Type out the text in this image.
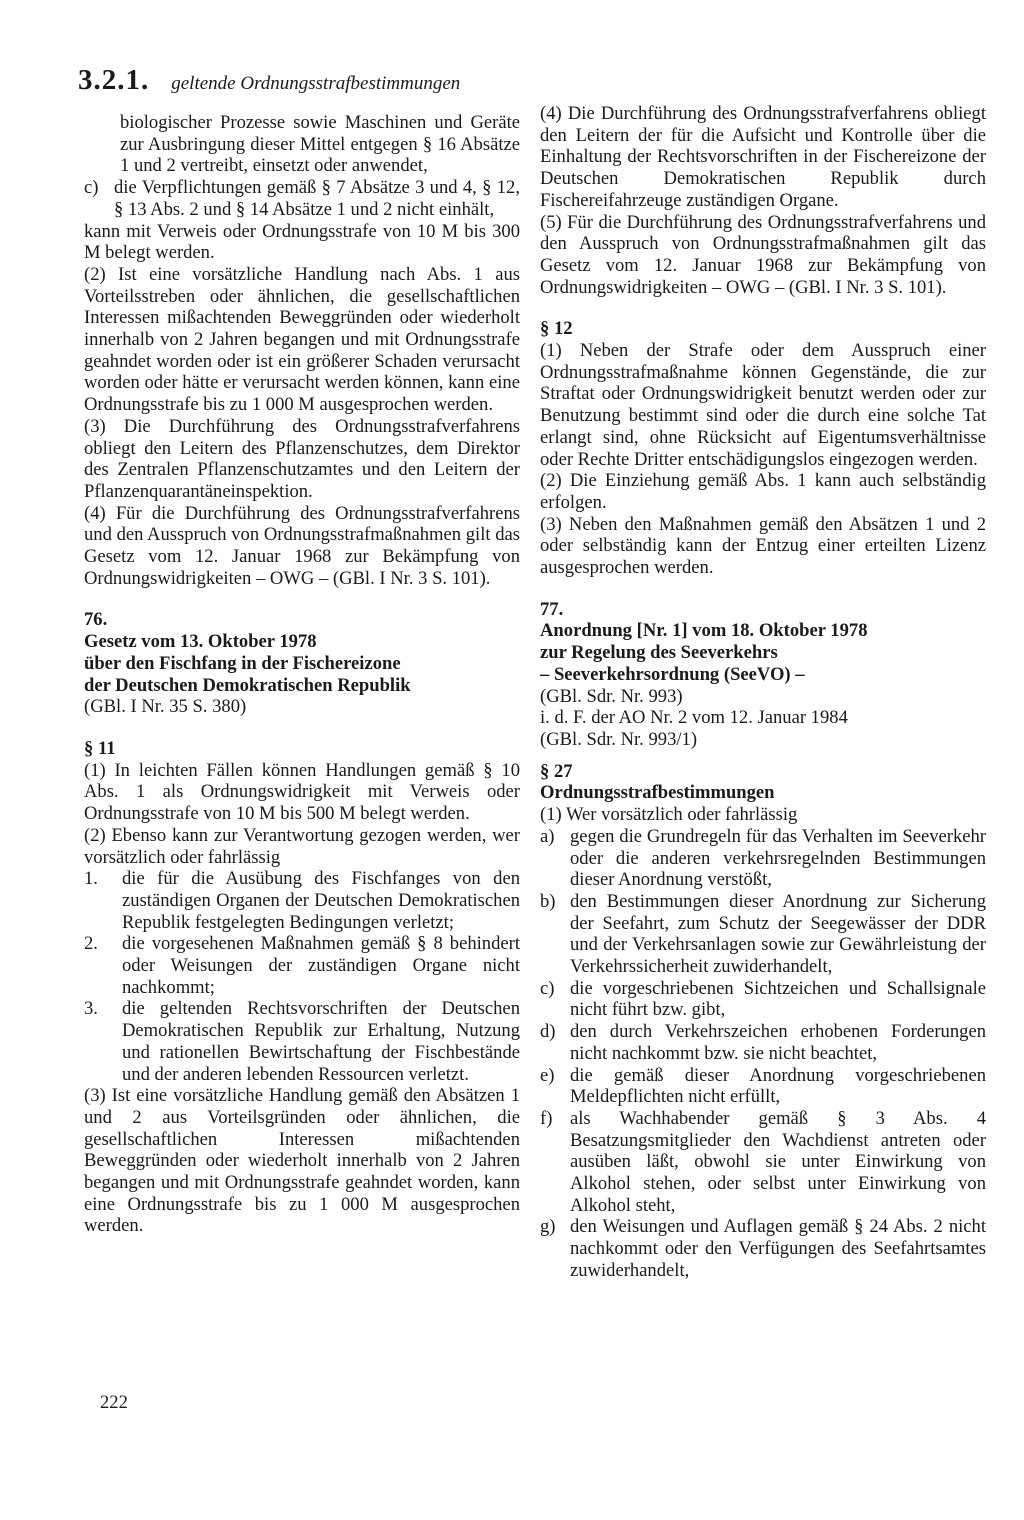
3.2.1. geltende Ordnungsstrafbestimmungen

biologischer Prozesse sowie Maschinen und Geräte zur Ausbringung dieser Mittel entgegen § 16 Absätze 1 und 2 vertreibt, einsetzt oder anwendet,

c) die Verpflichtungen gemäß § 7 Absätze 3 und 4, § 12, § 13 Abs. 2 und § 14 Absätze 1 und 2 nicht einhält,

kann mit Verweis oder Ordnungsstrafe von 10 M bis 300 M belegt werden.

(2) Ist eine vorsätzliche Handlung nach Abs. 1 aus Vorteilsstreben oder ähnlichen, die gesellschaftlichen Interessen mißachtenden Beweggründen oder wiederholt innerhalb von 2 Jahren begangen und mit Ordnungsstrafe geahndet worden oder ist ein größerer Schaden verursacht worden oder hätte er verursacht werden können, kann eine Ordnungsstrafe bis zu 1 000 M ausgesprochen werden.

(3) Die Durchführung des Ordnungsstrafverfahrens obliegt den Leitern des Pflanzenschutzes, dem Direktor des Zentralen Pflanzenschutzamtes und den Leitern der Pflanzenquarantäneinspektion.

(4) Für die Durchführung des Ordnungsstrafverfahrens und den Ausspruch von Ordnungsstrafmaßnahmen gilt das Gesetz vom 12. Januar 1968 zur Bekämpfung von Ordnungswidrigkeiten – OWG – (GBl. I Nr. 3 S. 101).

76.

Gesetz vom 13. Oktober 1978

über den Fischfang in der Fischereizone

der Deutschen Demokratischen Republik

(GBl. I Nr. 35 S. 380)

§ 11

(1) In leichten Fällen können Handlungen gemäß § 10 Abs. 1 als Ordnungswidrigkeit mit Verweis oder Ordnungsstrafe von 10 M bis 500 M belegt werden.

(2) Ebenso kann zur Verantwortung gezogen werden, wer vorsätzlich oder fahrlässig

1.	die für die Ausübung des Fischfanges von den zuständigen Organen der Deutschen Demokratischen Republik festgelegten Bedingungen verletzt;
2.	die vorgesehenen Maßnahmen gemäß § 8 behindert oder Weisungen der zuständigen Organe nicht nachkommt;
3.	die geltenden Rechtsvorschriften der Deutschen Demokratischen Republik zur Erhaltung, Nutzung und rationellen Bewirtschaftung der Fischbestände und der anderen lebenden Ressourcen verletzt.

(3) Ist eine vorsätzliche Handlung gemäß den Absätzen 1 und 2 aus Vorteilsgründen oder ähnlichen, die gesellschaftlichen Interessen mißachtenden Beweggründen oder wiederholt innerhalb von 2 Jahren begangen und mit Ordnungsstrafe geahndet worden, kann eine Ordnungsstrafe bis zu 1 000 M ausgesprochen werden.

(4) Die Durchführung des Ordnungsstrafverfahrens obliegt den Leitern der für die Aufsicht und Kontrolle über die Einhaltung der Rechtsvorschriften in der Fischereizone der Deutschen Demokratischen Republik durch Fischereifahrzeuge zuständigen Organe.

(5) Für die Durchführung des Ordnungsstrafverfahrens und den Ausspruch von Ordnungsstrafmaßnahmen gilt das Gesetz vom 12. Januar 1968 zur Bekämpfung von Ordnungswidrigkeiten – OWG – (GBl. I Nr. 3 S. 101).

§ 12

(1) Neben der Strafe oder dem Ausspruch einer Ordnungsstrafmaßnahme können Gegenstände, die zur Straftat oder Ordnungswidrigkeit benutzt werden oder zur Benutzung bestimmt sind oder die durch eine solche Tat erlangt sind, ohne Rücksicht auf Eigentumsverhältnisse oder Rechte Dritter entschädigungslos eingezogen werden.

(2) Die Einziehung gemäß Abs. 1 kann auch selbständig erfolgen.

(3) Neben den Maßnahmen gemäß den Absätzen 1 und 2 oder selbständig kann der Entzug einer erteilten Lizenz ausgesprochen werden.

77.

Anordnung [Nr. 1] vom 18. Oktober 1978

zur Regelung des Seeverkehrs

– Seeverkehrsordnung (SeeVO) –

(GBl. Sdr. Nr. 993)

i. d. F. der AO Nr. 2 vom 12. Januar 1984

(GBl. Sdr. Nr. 993/1)

§ 27

Ordnungsstrafbestimmungen

(1) Wer vorsätzlich oder fahrlässig

a) gegen die Grundregeln für das Verhalten im Seeverkehr oder die anderen verkehrsregelnden Bestimmungen dieser Anordnung verstößt,
b) den Bestimmungen dieser Anordnung zur Sicherung der Seefahrt, zum Schutz der Seegewässer der DDR und der Verkehrsanlagen sowie zur Gewährleistung der Verkehrssicherheit zuwiderhandelt,
c) die vorgeschriebenen Sichtzeichen und Schallsignale nicht führt bzw. gibt,
d) den durch Verkehrszeichen erhobenen Forderungen nicht nachkommt bzw. sie nicht beachtet,
e) die gemäß dieser Anordnung vorgeschriebenen Meldepflichten nicht erfüllt,
f) als Wachhabender gemäß § 3 Abs. 4 Besatzungsmitglieder den Wachdienst antreten oder ausüben läßt, obwohl sie unter Einwirkung von Alkohol stehen, oder selbst unter Einwirkung von Alkohol steht,
g) den Weisungen und Auflagen gemäß § 24 Abs. 2 nicht nachkommt oder den Verfügungen des Seefahrtsamtes zuwiderhandelt,
222
